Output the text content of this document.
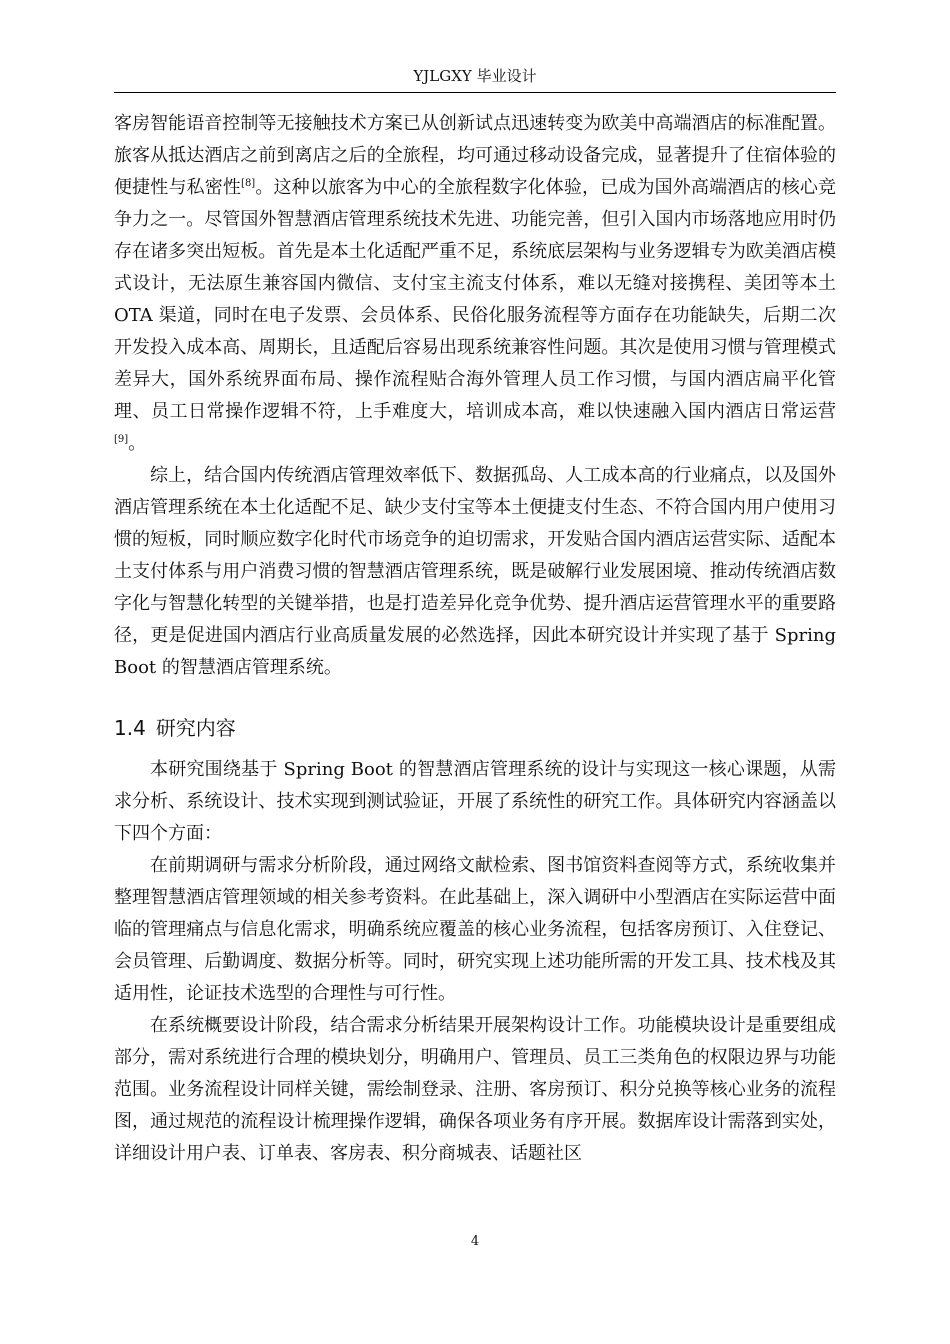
YJLGXY 毕业设计

客房智能语音控制等无接触技术方案已从创新试点迅速转变为欧美中高端酒店的标准配置。旅客从抵达酒店之前到离店之后的全旅程，均可通过移动设备完成，显著提升了住宿体验的便捷性与私密性[8]。这种以旅客为中心的全旅程数字化体验，已成为国外高端酒店的核心竞争力之一。尽管国外智慧酒店管理系统技术先进、功能完善，但引入国内市场落地应用时仍存在诸多突出短板。首先是本土化适配严重不足，系统底层架构与业务逻辑专为欧美酒店模式设计，无法原生兼容国内微信、支付宝主流支付体系，难以无缝对接携程、美团等本土 OTA 渠道，同时在电子发票、会员体系、民俗化服务流程等方面存在功能缺失，后期二次开发投入成本高、周期长，且适配后容易出现系统兼容性问题。其次是使用习惯与管理模式差异大，国外系统界面布局、操作流程贴合海外管理人员工作习惯，与国内酒店扁平化管理、员工日常操作逻辑不符，上手难度大，培训成本高，难以快速融入国内酒店日常运营[9]。

综上，结合国内传统酒店管理效率低下、数据孤岛、人工成本高的行业痛点，以及国外酒店管理系统在本土化适配不足、缺少支付宝等本土便捷支付生态、不符合国内用户使用习惯的短板，同时顺应数字化时代市场竞争的迫切需求，开发贴合国内酒店运营实际、适配本土支付体系与用户消费习惯的智慧酒店管理系统，既是破解行业发展困境、推动传统酒店数字化与智慧化转型的关键举措，也是打造差异化竞争优势、提升酒店运营管理水平的重要路径，更是促进国内酒店行业高质量发展的必然选择，因此本研究设计并实现了基于 Spring Boot 的智慧酒店管理系统。

1.4 研究内容

本研究围绕基于 Spring Boot 的智慧酒店管理系统的设计与实现这一核心课题，从需求分析、系统设计、技术实现到测试验证，开展了系统性的研究工作。具体研究内容涵盖以下四个方面：

在前期调研与需求分析阶段，通过网络文献检索、图书馆资料查阅等方式，系统收集并整理智慧酒店管理领域的相关参考资料。在此基础上，深入调研中小型酒店在实际运营中面临的管理痛点与信息化需求，明确系统应覆盖的核心业务流程，包括客房预订、入住登记、会员管理、后勤调度、数据分析等。同时，研究实现上述功能所需的开发工具、技术栈及其适用性，论证技术选型的合理性与可行性。

在系统概要设计阶段，结合需求分析结果开展架构设计工作。功能模块设计是重要组成部分，需对系统进行合理的模块划分，明确用户、管理员、员工三类角色的权限边界与功能范围。业务流程设计同样关键，需绘制登录、注册、客房预订、积分兑换等核心业务的流程图，通过规范的流程设计梳理操作逻辑，确保各项业务有序开展。数据库设计需落到实处，详细设计用户表、订单表、客房表、积分商城表、话题社区

4
